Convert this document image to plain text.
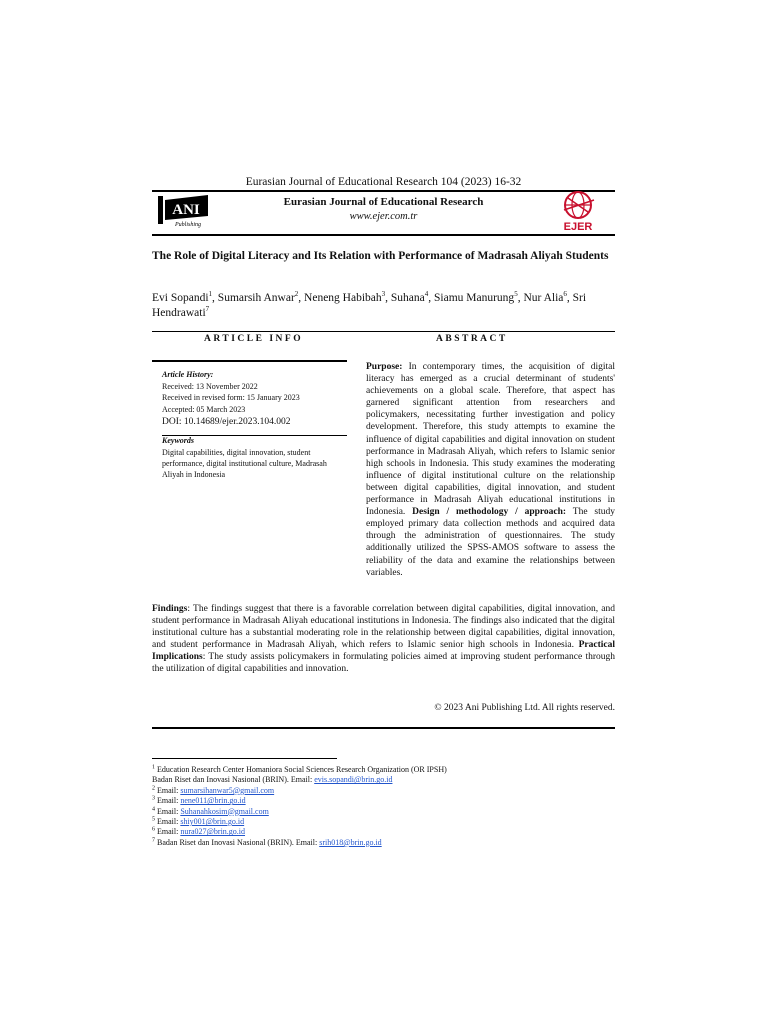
Eurasian Journal of Educational Research 104 (2023) 16-32
ANI
Publishing
Eurasian Journal of Educational Research
www.ejer.com.tr
EJER
The Role of Digital Literacy and Its Relation with Performance of Madrasah Aliyah Students
Evi Sopandi$^1$, Sumarsih Anwar$^2$, Neneng Habibah$^3$, Suhana$^4$, Siamu Manurung$^5$, Nur Alia$^6$, Sri Hendrawati$^7$
ARTICLE INFO	ABSTRACT
Article History:
Received: 13 November 2022
Received in revised form: 15 January 2023
Accepted: 05 March 2023
DOI: 10.14689/ejer.2023.104.002
Keywords
Digital capabilities, digital innovation, student performance, digital institutional culture, Madrasah Aliyah in Indonesia
Purpose: In contemporary times, the acquisition of digital literacy has emerged as a crucial determinant of students' achievements on a global scale. Therefore, that aspect has garnered significant attention from researchers and policymakers, necessitating further investigation and policy development. Therefore, this study attempts to examine the influence of digital capabilities and digital innovation on student performance in Madrasah Aliyah, which refers to Islamic senior high schools in Indonesia. This study examines the moderating influence of digital institutional culture on the relationship between digital capabilities, digital innovation, and student performance in Madrasah Aliyah educational institutions in Indonesia. Design / methodology / approach: The study employed primary data collection methods and acquired data through the administration of questionnaires. The study additionally utilized the SPSS-AMOS software to assess the reliability of the data and examine the relationships between variables.
Findings: The findings suggest that there is a favorable correlation between digital capabilities, digital innovation, and student performance in Madrasah Aliyah educational institutions in Indonesia. The findings also indicated that the digital institutional culture has a substantial moderating role in the relationship between digital capabilities, digital innovation, and student performance in Madrasah Aliyah, which refers to Islamic senior high schools in Indonesia. Practical Implications: The study assists policymakers in formulating policies aimed at improving student performance through the utilization of digital capabilities and innovation.
© 2023 Ani Publishing Ltd. All rights reserved.
$^1$ Education Research Center Homaniora Social Sciences Research Organization (OR IPSH)
Badan Riset dan Inovasi Nasional (BRIN). Email: evis.sopandi@brin.go.id
$^2$ Email: sumarsihanwar5@gmail.com
$^3$ Email: nene011@brin.go.id
$^4$ Email: Suhanahkosim@gmail.com
$^5$ Email: shiy001@brin.go.id
$^6$ Email: nura027@brin.go.id
$^7$ Badan Riset dan Inovasi Nasional (BRIN). Email: srih018@brin.go.id
